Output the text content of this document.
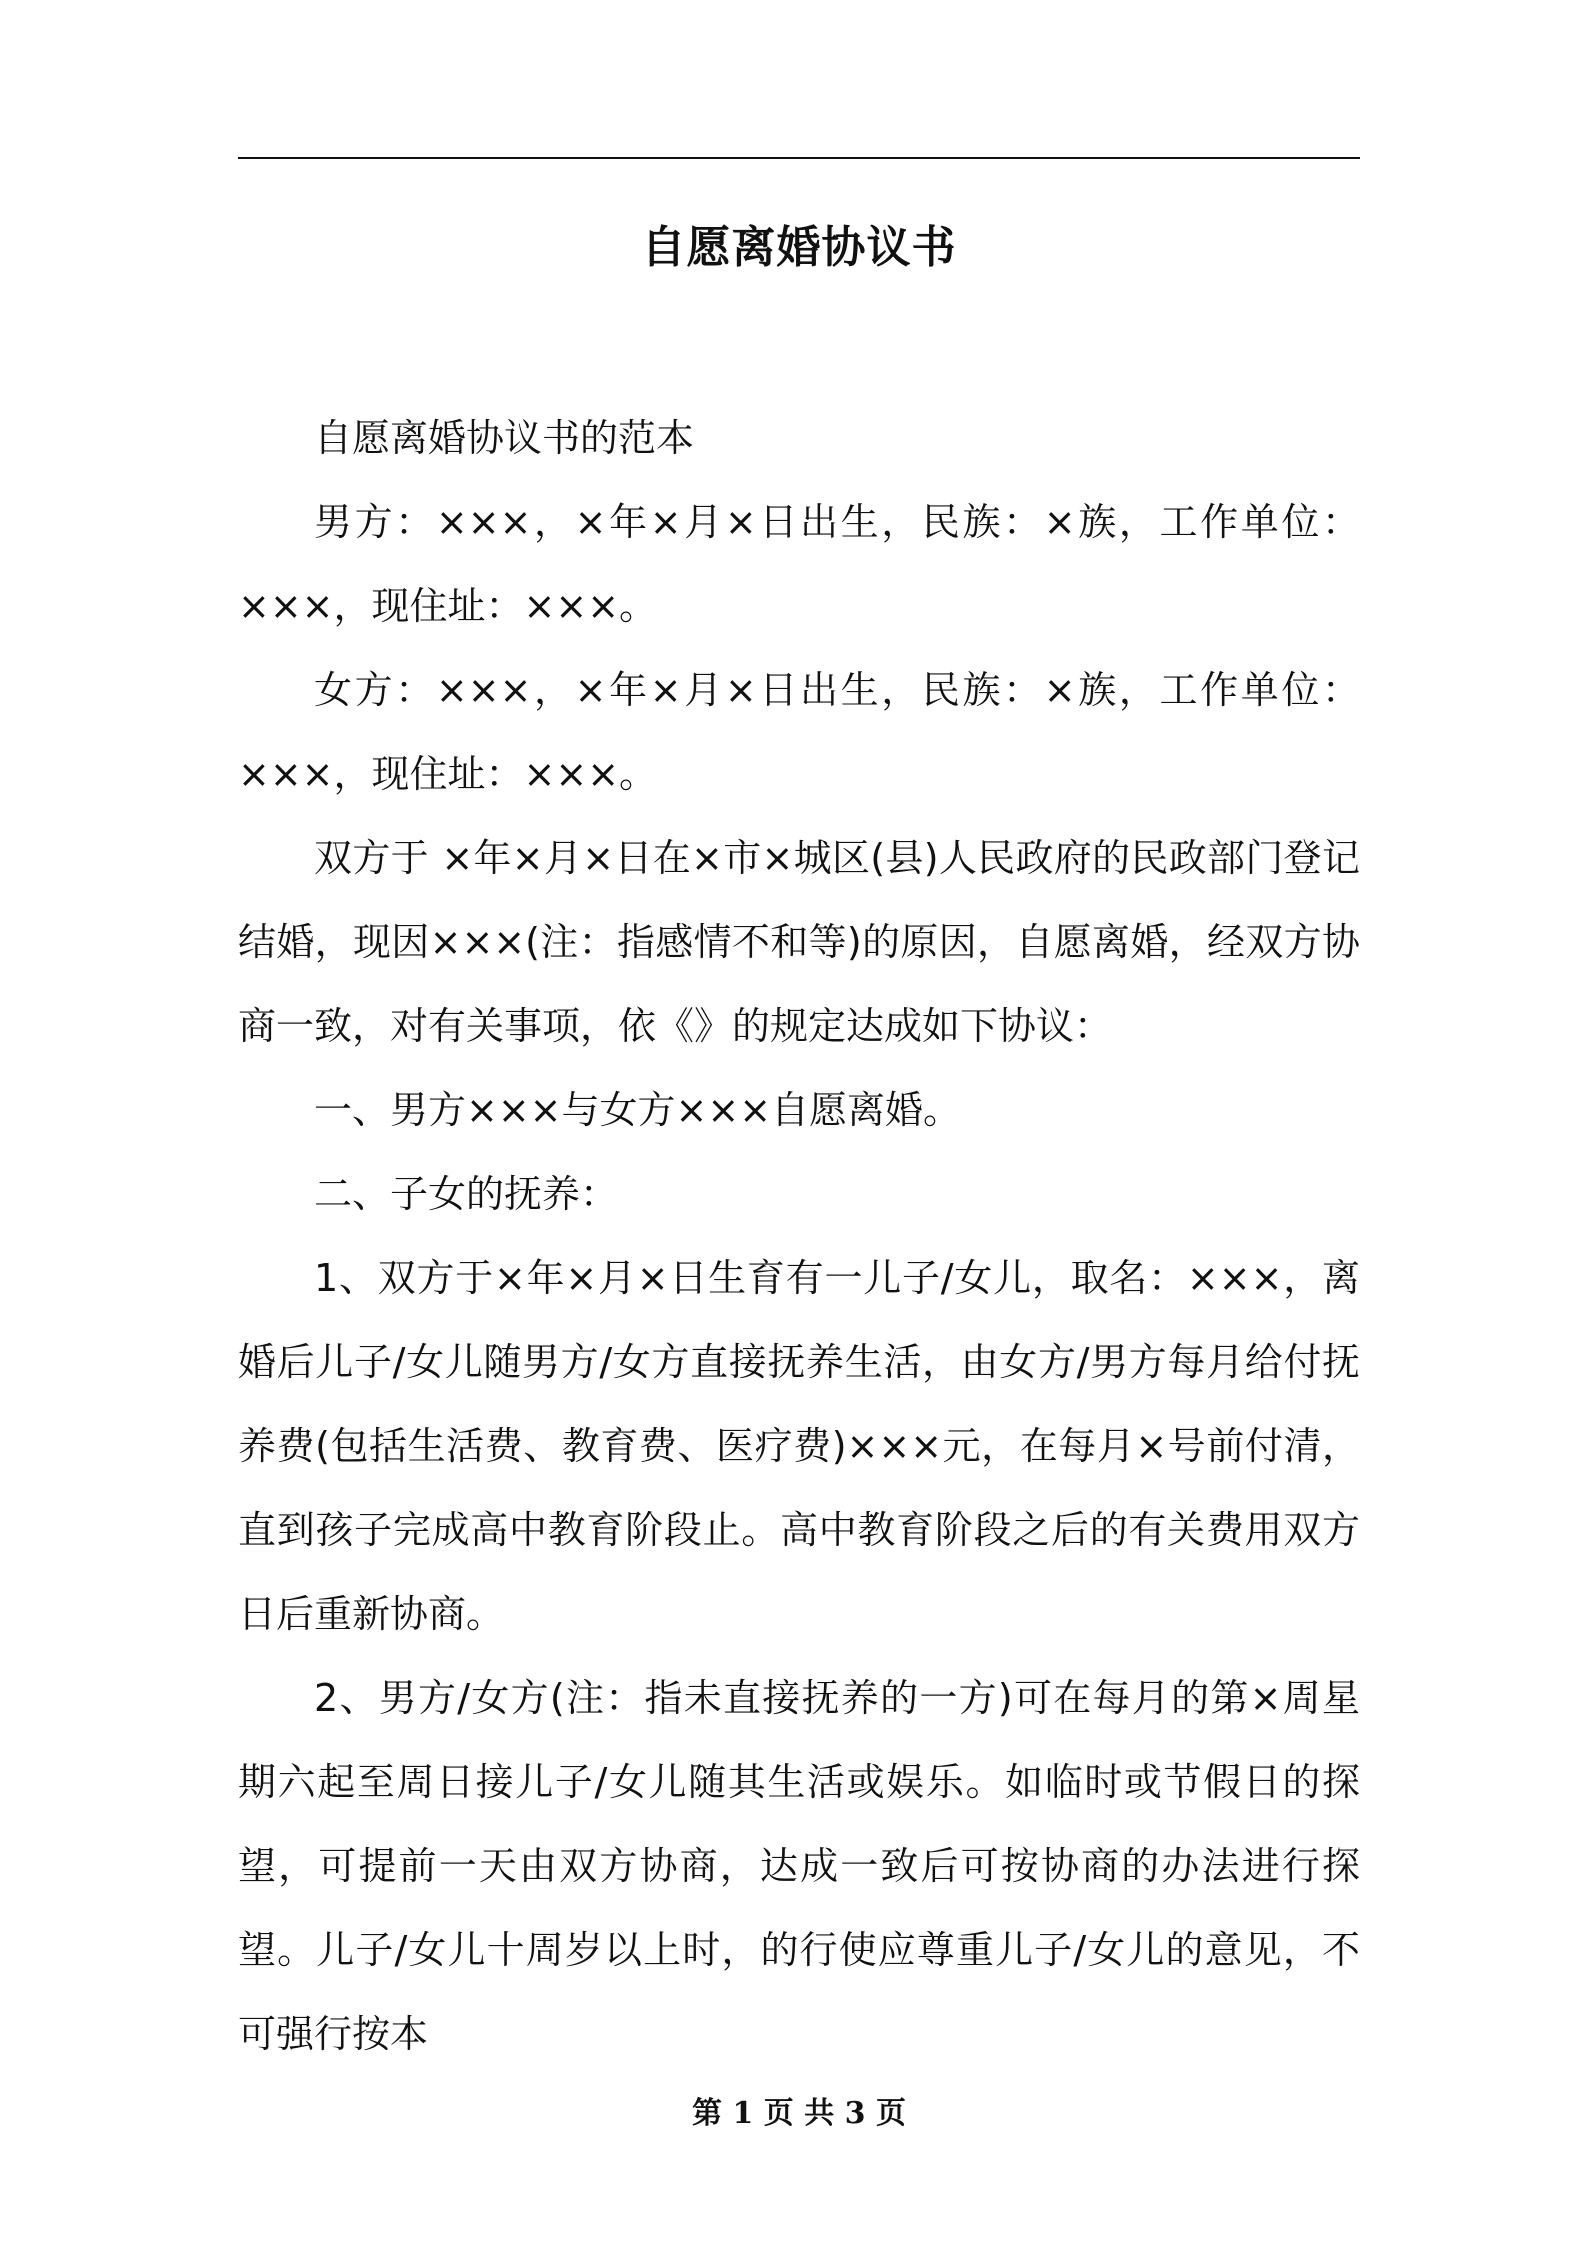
自愿离婚协议书

自愿离婚协议书的范本

男方：×××，×年×月×日出生，民族：×族，工作单位：×××，现住址：×××。

女方：×××，×年×月×日出生，民族：×族，工作单位：×××，现住址：×××。

双方于 ×年×月×日在×市×城区(县)人民政府的民政部门登记结婚，现因×××(注：指感情不和等)的原因，自愿离婚，经双方协商一致，对有关事项，依《》的规定达成如下协议：

一、男方×××与女方×××自愿离婚。

二、子女的抚养：

1、双方于×年×月×日生育有一儿子/女儿，取名：×××，离婚后儿子/女儿随男方/女方直接抚养生活，由女方/男方每月给付抚养费(包括生活费、教育费、医疗费)×××元，在每月×号前付清，直到孩子完成高中教育阶段止。高中教育阶段之后的有关费用双方日后重新协商。

2、男方/女方(注：指未直接抚养的一方)可在每月的第×周星期六起至周日接儿子/女儿随其生活或娱乐。如临时或节假日的探望，可提前一天由双方协商，达成一致后可按协商的办法进行探望。儿子/女儿十周岁以上时，的行使应尊重儿子/女儿的意见，不可强行按本

第 1 页 共 3 页
